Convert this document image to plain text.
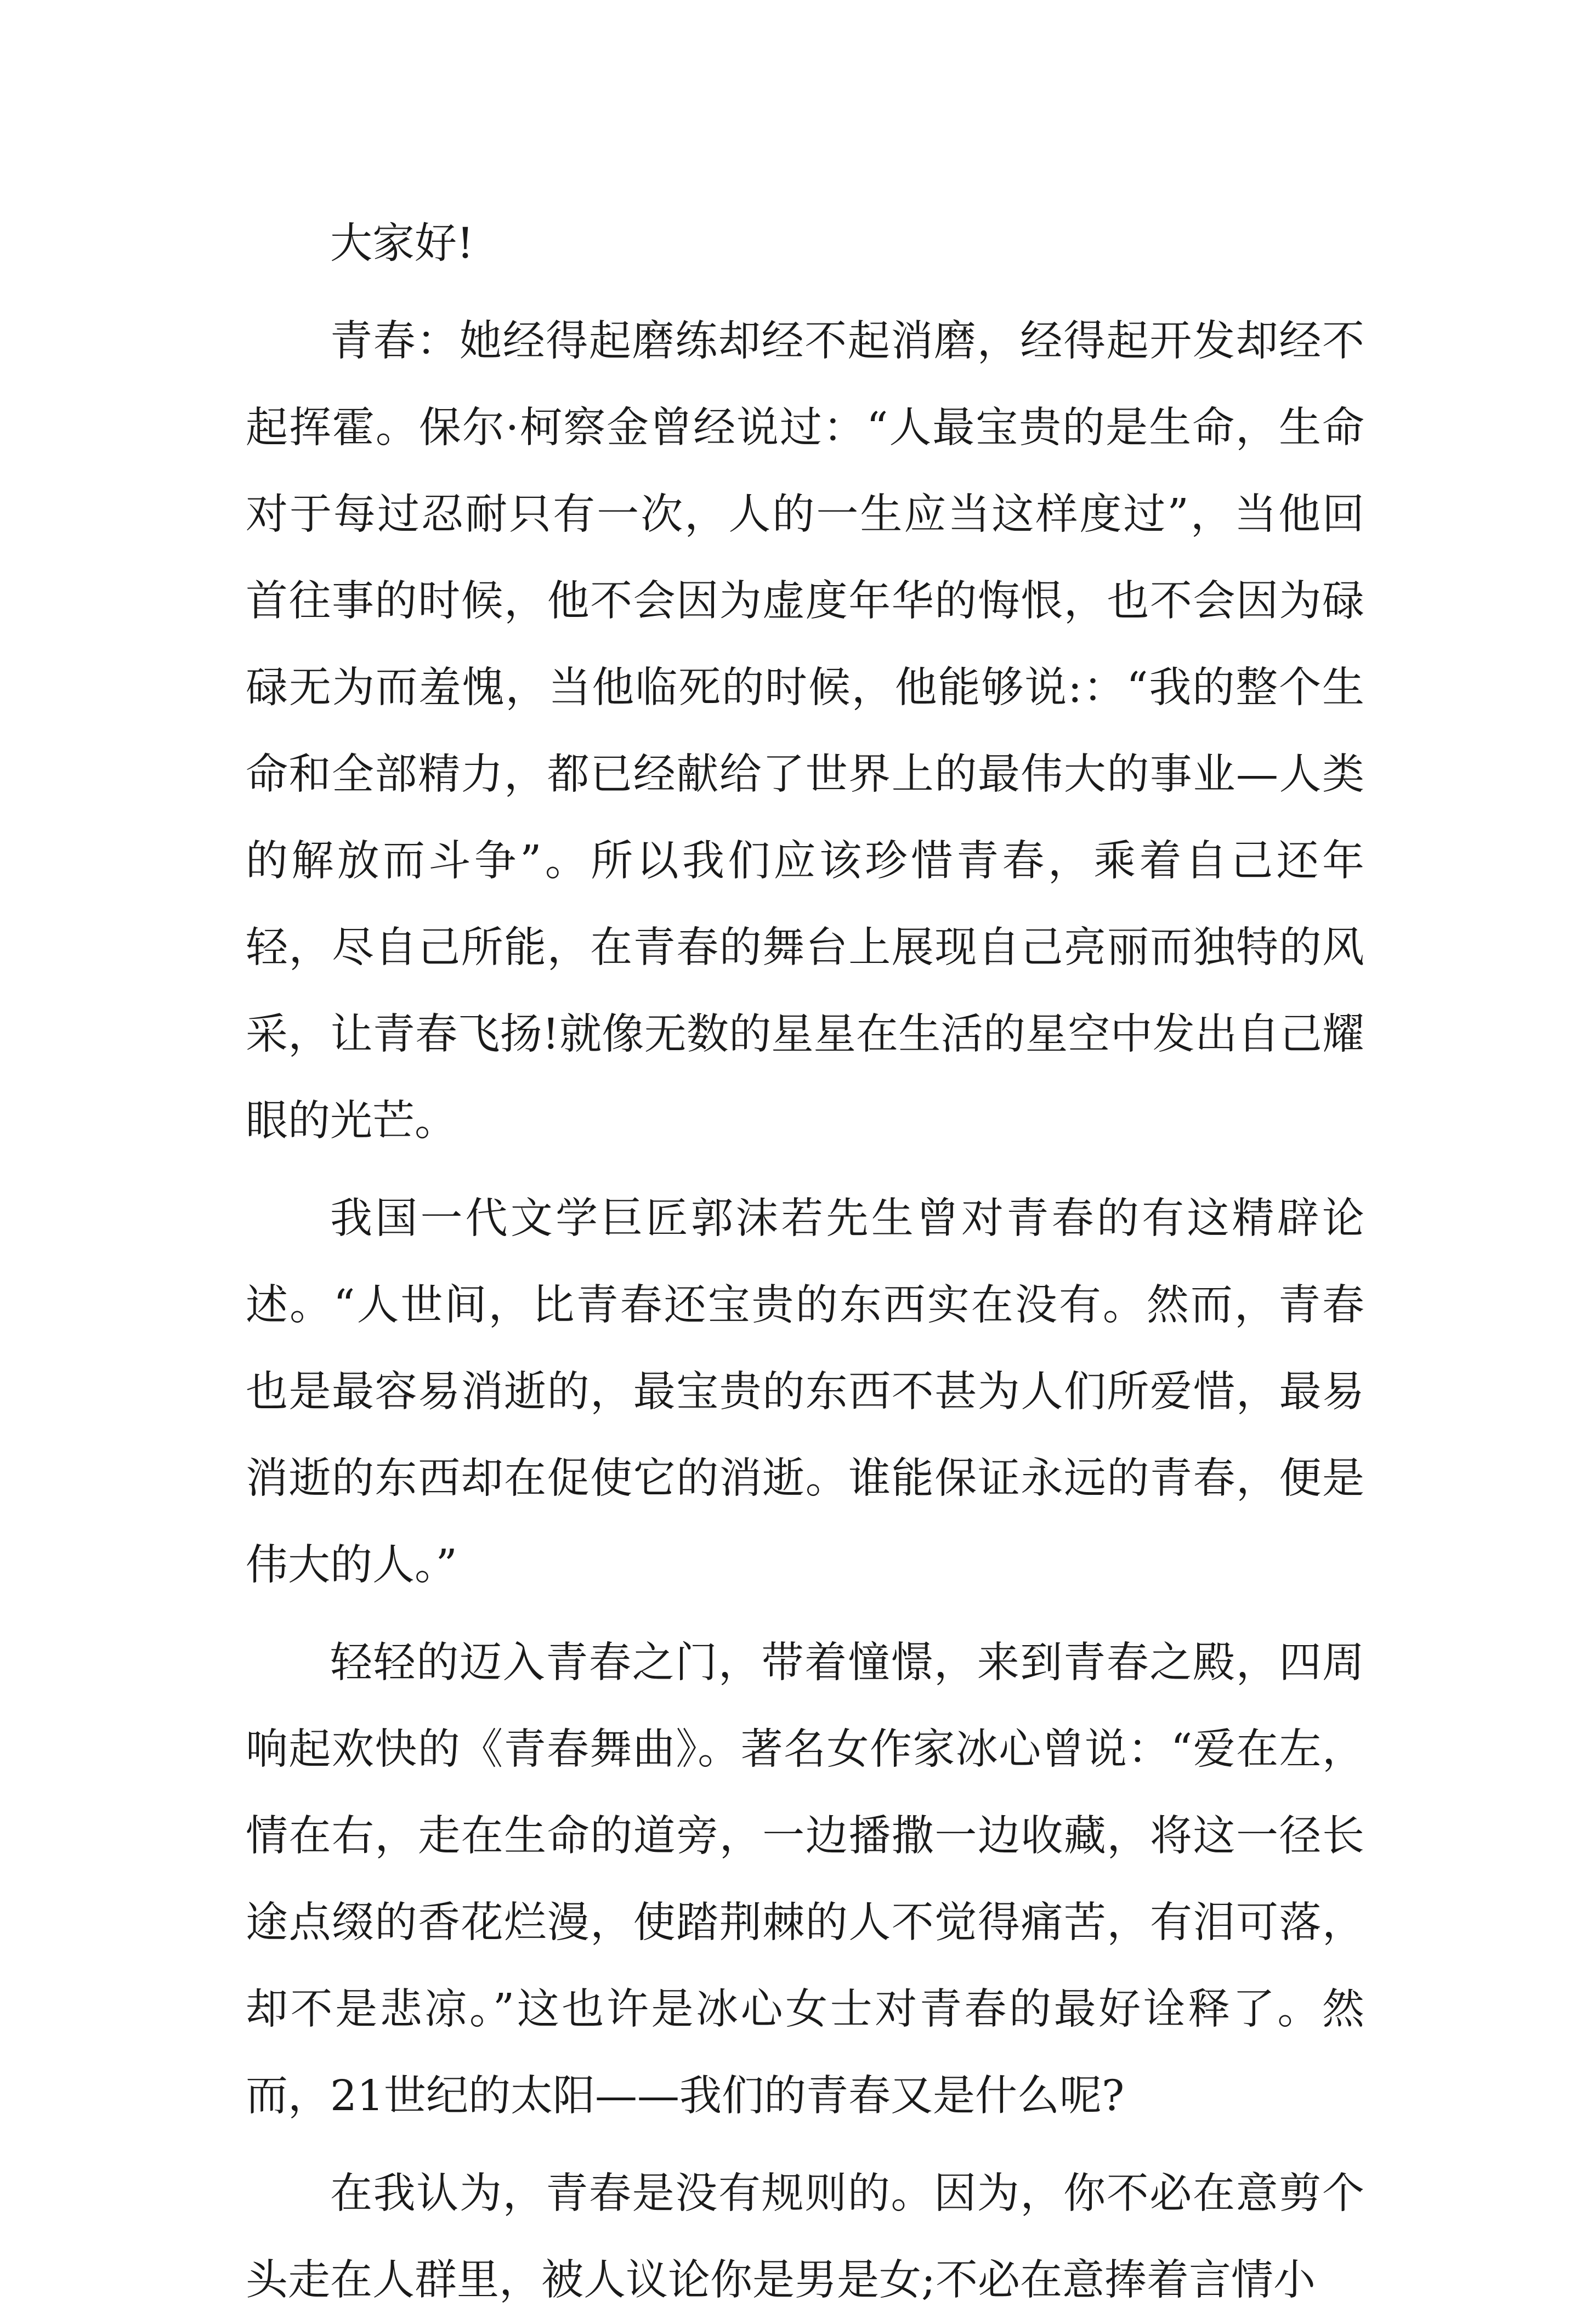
大家好!

青春：她经得起磨练却经不起消磨，经得起开发却经不起挥霍。保尔·柯察金曾经说过：“人最宝贵的是生命，生命对于每过忍耐只有一次，人的一生应当这样度过”，当他回首往事的时候，他不会因为虚度年华的悔恨，也不会因为碌碌无为而羞愧，当他临死的时候，他能够说:：“我的整个生命和全部精力，都已经献给了世界上的最伟大的事业—人类的解放而斗争”。所以我们应该珍惜青春，乘着自己还年轻，尽自己所能，在青春的舞台上展现自己亮丽而独特的风采，让青春飞扬!就像无数的星星在生活的星空中发出自己耀眼的光芒。

我国一代文学巨匠郭沫若先生曾对青春的有这精辟论述。“人世间，比青春还宝贵的东西实在没有。然而，青春也是最容易消逝的，最宝贵的东西不甚为人们所爱惜，最易消逝的东西却在促使它的消逝。谁能保证永远的青春，便是伟大的人。”

轻轻的迈入青春之门，带着憧憬，来到青春之殿，四周响起欢快的《青春舞曲》。著名女作家冰心曾说：“爱在左，情在右，走在生命的道旁，一边播撒一边收藏，将这一径长途点缀的香花烂漫，使踏荆棘的人不觉得痛苦，有泪可落，却不是悲凉。”这也许是冰心女士对青春的最好诠释了。然而，21世纪的太阳——我们的青春又是什么呢?

在我认为，青春是没有规则的。因为，你不必在意剪个头走在人群里，被人议论你是男是女;不必在意捧着言情小
